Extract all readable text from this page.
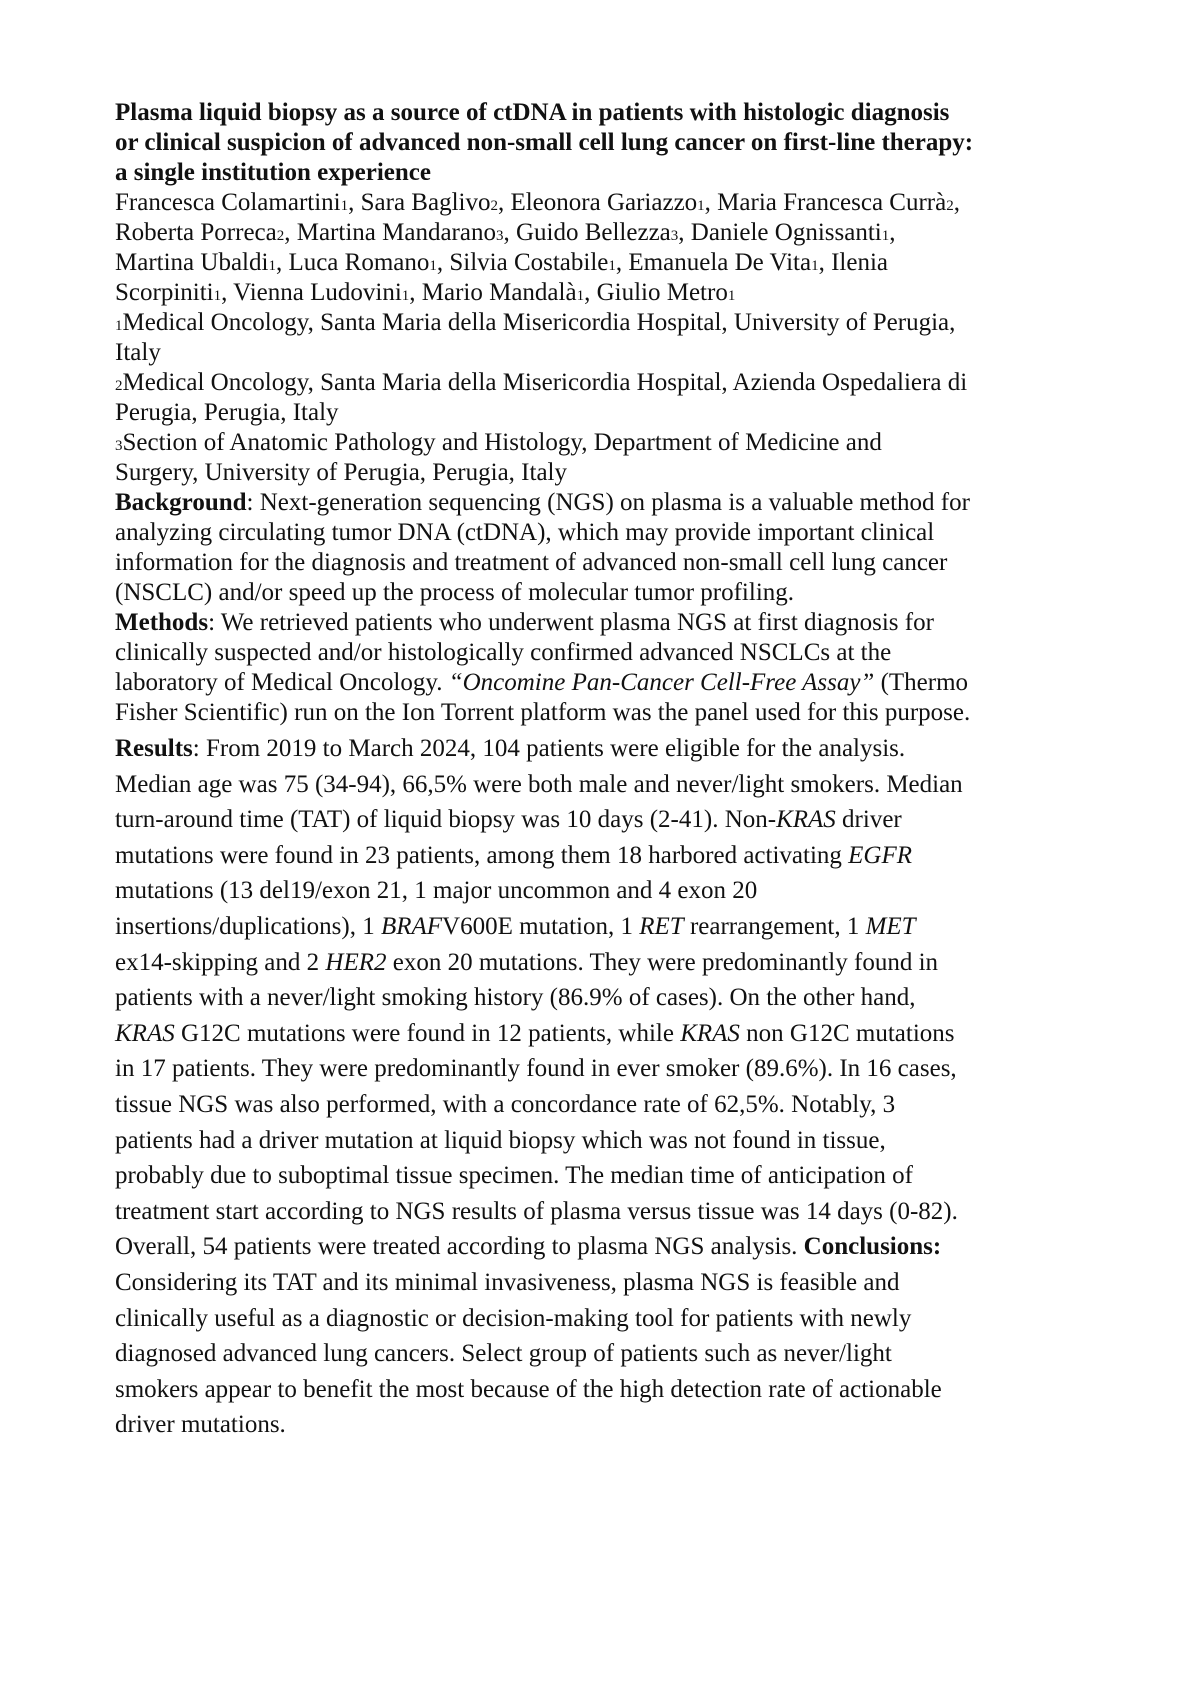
Plasma liquid biopsy as a source of ctDNA in patients with histologic diagnosis
or clinical suspicion of advanced non-small cell lung cancer on first-line therapy:
a single institution experience
Francesca Colamartini1, Sara Baglivo2, Eleonora Gariazzo1, Maria Francesca Currà2,
Roberta Porreca2, Martina Mandarano3, Guido Bellezza3, Daniele Ognissanti1,
Martina Ubaldi1, Luca Romano1, Silvia Costabile1, Emanuela De Vita1, Ilenia
Scorpiniti1, Vienna Ludovini1, Mario Mandalà1, Giulio Metro1
1Medical Oncology, Santa Maria della Misericordia Hospital, University of Perugia,
Italy
2Medical Oncology, Santa Maria della Misericordia Hospital, Azienda Ospedaliera di
Perugia, Perugia, Italy
3Section of Anatomic Pathology and Histology, Department of Medicine and
Surgery, University of Perugia, Perugia, Italy
Background: Next-generation sequencing (NGS) on plasma is a valuable method for
analyzing circulating tumor DNA (ctDNA), which may provide important clinical
information for the diagnosis and treatment of advanced non-small cell lung cancer
(NSCLC) and/or speed up the process of molecular tumor profiling.
Methods: We retrieved patients who underwent plasma NGS at first diagnosis for
clinically suspected and/or histologically confirmed advanced NSCLCs at the
laboratory of Medical Oncology. “Oncomine Pan-Cancer Cell-Free Assay” (Thermo
Fisher Scientific) run on the Ion Torrent platform was the panel used for this purpose.
Results: From 2019 to March 2024, 104 patients were eligible for the analysis.
Median age was 75 (34-94), 66,5% were both male and never/light smokers. Median
turn-around time (TAT) of liquid biopsy was 10 days (2-41). Non-KRAS driver
mutations were found in 23 patients, among them 18 harbored activating EGFR
mutations (13 del19/exon 21, 1 major uncommon and 4 exon 20
insertions/duplications), 1 BRAFV600E mutation, 1 RET rearrangement, 1 MET
ex14-skipping and 2 HER2 exon 20 mutations. They were predominantly found in
patients with a never/light smoking history (86.9% of cases). On the other hand,
KRAS G12C mutations were found in 12 patients, while KRAS non G12C mutations
in 17 patients. They were predominantly found in ever smoker (89.6%). In 16 cases,
tissue NGS was also performed, with a concordance rate of 62,5%. Notably, 3
patients had a driver mutation at liquid biopsy which was not found in tissue,
probably due to suboptimal tissue specimen. The median time of anticipation of
treatment start according to NGS results of plasma versus tissue was 14 days (0-82).
Overall, 54 patients were treated according to plasma NGS analysis. Conclusions:
Considering its TAT and its minimal invasiveness, plasma NGS is feasible and
clinically useful as a diagnostic or decision-making tool for patients with newly
diagnosed advanced lung cancers. Select group of patients such as never/light
smokers appear to benefit the most because of the high detection rate of actionable
driver mutations.
